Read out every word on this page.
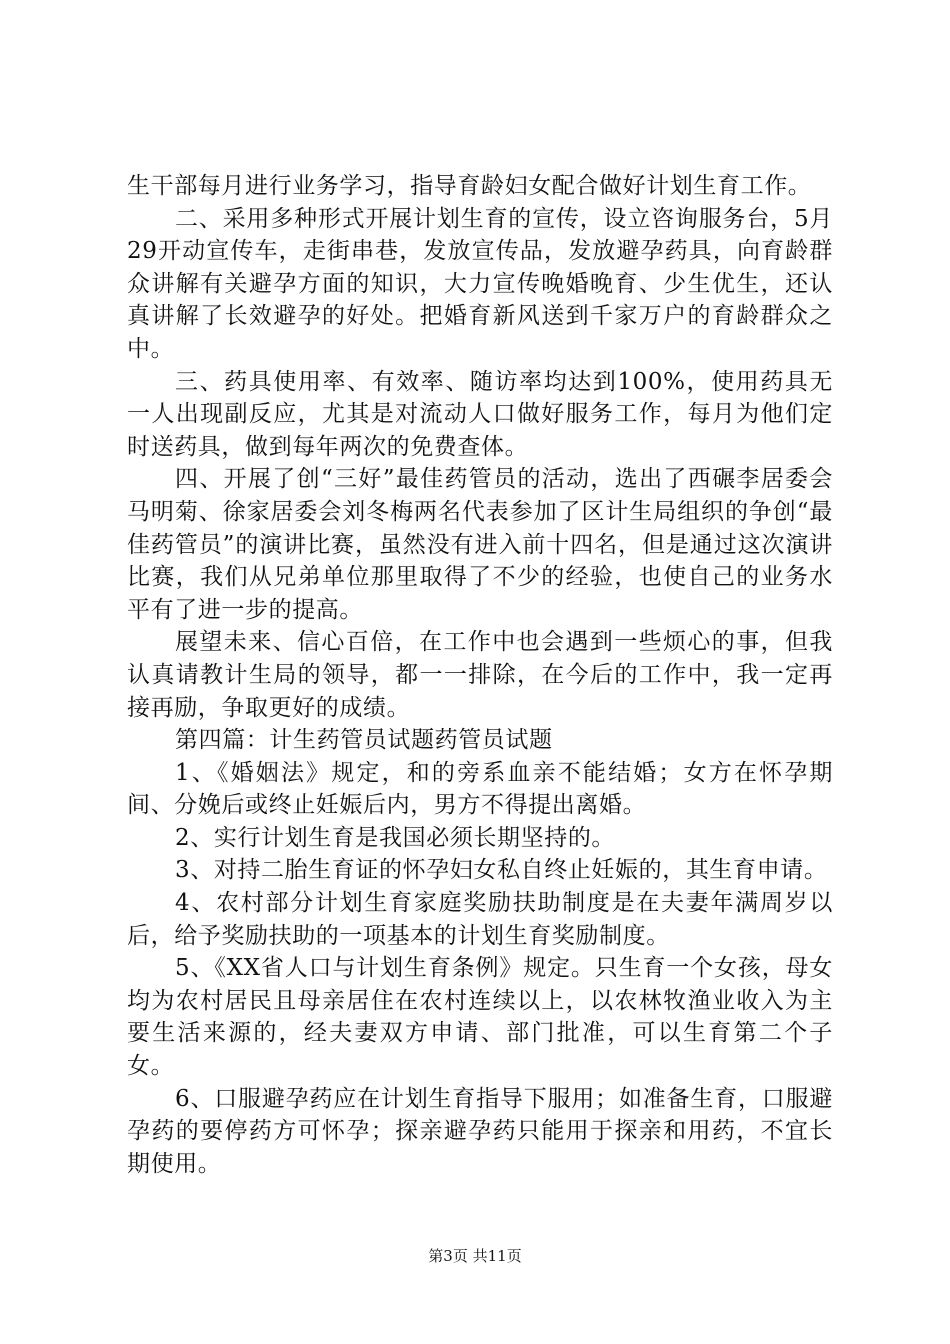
生干部每月进行业务学习，指导育龄妇女配合做好计划生育工作。

二、采用多种形式开展计划生育的宣传，设立咨询服务台，5月29开动宣传车，走街串巷，发放宣传品，发放避孕药具，向育龄群众讲解有关避孕方面的知识，大力宣传晚婚晚育、少生优生，还认真讲解了长效避孕的好处。把婚育新风送到千家万户的育龄群众之中。

三、药具使用率、有效率、随访率均达到100%，使用药具无一人出现副反应，尤其是对流动人口做好服务工作，每月为他们定时送药具，做到每年两次的免费查体。

四、开展了创“三好”最佳药管员的活动，选出了西碾李居委会马明菊、徐家居委会刘冬梅两名代表参加了区计生局组织的争创“最佳药管员”的演讲比赛，虽然没有进入前十四名，但是通过这次演讲比赛，我们从兄弟单位那里取得了不少的经验，也使自己的业务水平有了进一步的提高。

展望未来、信心百倍，在工作中也会遇到一些烦心的事，但我认真请教计生局的领导，都一一排除，在今后的工作中，我一定再接再励，争取更好的成绩。

第四篇：计生药管员试题药管员试题

1、《婚姻法》规定，和的旁系血亲不能结婚；女方在怀孕期间、分娩后或终止妊娠后内，男方不得提出离婚。

2、实行计划生育是我国必须长期坚持的。

3、对持二胎生育证的怀孕妇女私自终止妊娠的，其生育申请。

4、农村部分计划生育家庭奖励扶助制度是在夫妻年满周岁以后，给予奖励扶助的一项基本的计划生育奖励制度。

5、《XX省人口与计划生育条例》规定。只生育一个女孩，母女均为农村居民且母亲居住在农村连续以上，以农林牧渔业收入为主要生活来源的，经夫妻双方申请、部门批准，可以生育第二个子女。

6、口服避孕药应在计划生育指导下服用；如准备生育，口服避孕药的要停药方可怀孕；探亲避孕药只能用于探亲和用药，不宜长期使用。

第3页 共11页
